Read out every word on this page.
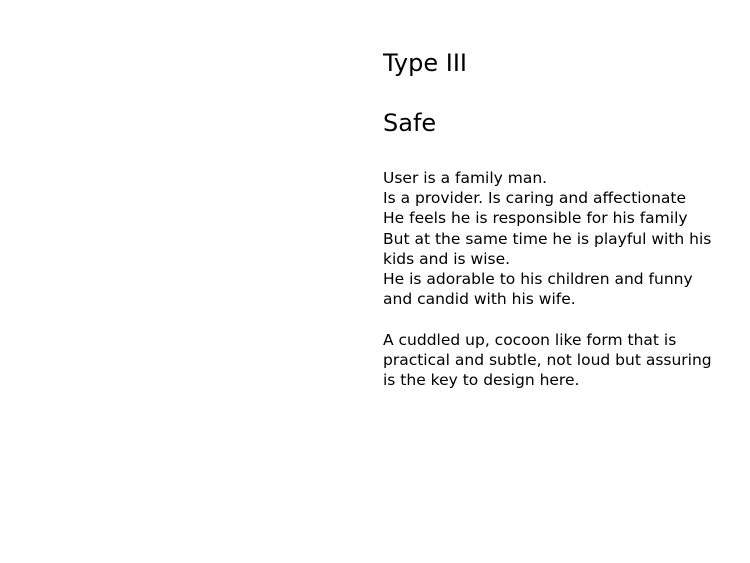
Type III
Safe

User is a family man.
Is a provider. Is caring and affectionate
He feels he is responsible for his family
But at the same time he is playful with his
kids and is wise.
He is adorable to his children and funny
and candid with his wife.

A cuddled up, cocoon like form that is
practical and subtle, not loud but assuring
is the key to design here.
